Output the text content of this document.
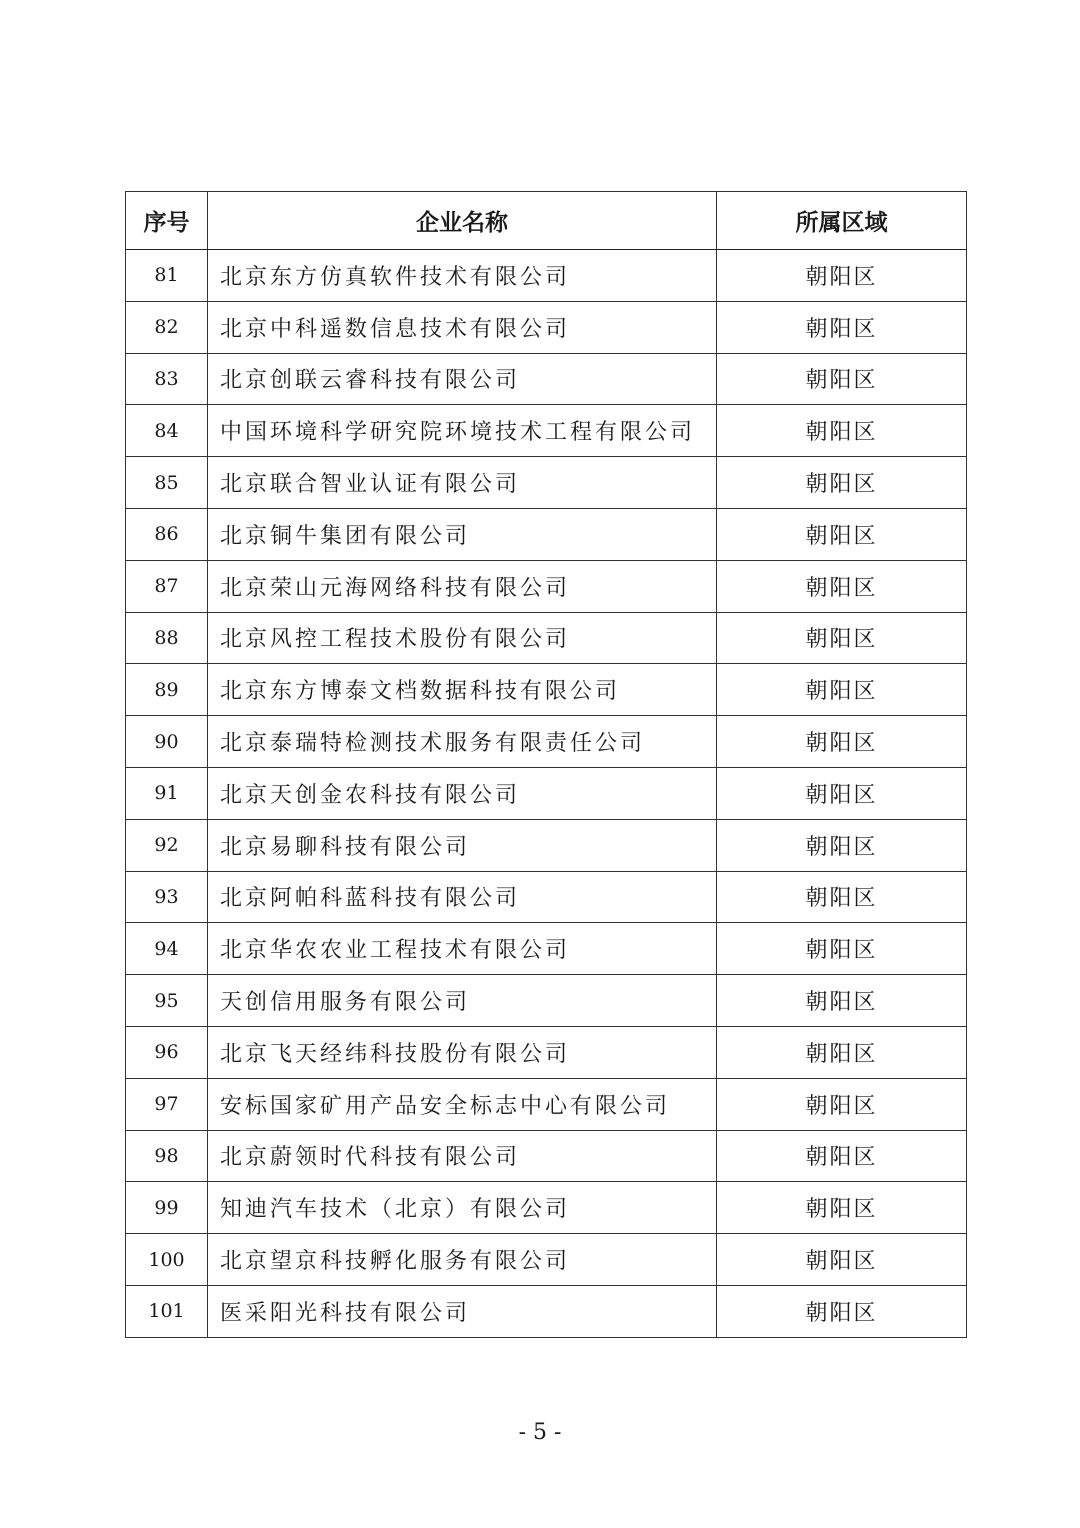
序号	企业名称	所属区域
81	北京东方仿真软件技术有限公司	朝阳区
82	北京中科遥数信息技术有限公司	朝阳区
83	北京创联云睿科技有限公司	朝阳区
84	中国环境科学研究院环境技术工程有限公司	朝阳区
85	北京联合智业认证有限公司	朝阳区
86	北京铜牛集团有限公司	朝阳区
87	北京荣山元海网络科技有限公司	朝阳区
88	北京风控工程技术股份有限公司	朝阳区
89	北京东方博泰文档数据科技有限公司	朝阳区
90	北京泰瑞特检测技术服务有限责任公司	朝阳区
91	北京天创金农科技有限公司	朝阳区
92	北京易聊科技有限公司	朝阳区
93	北京阿帕科蓝科技有限公司	朝阳区
94	北京华农农业工程技术有限公司	朝阳区
95	天创信用服务有限公司	朝阳区
96	北京飞天经纬科技股份有限公司	朝阳区
97	安标国家矿用产品安全标志中心有限公司	朝阳区
98	北京蔚领时代科技有限公司	朝阳区
99	知迪汽车技术（北京）有限公司	朝阳区
100	北京望京科技孵化服务有限公司	朝阳区
101	医采阳光科技有限公司	朝阳区
- 5 -
